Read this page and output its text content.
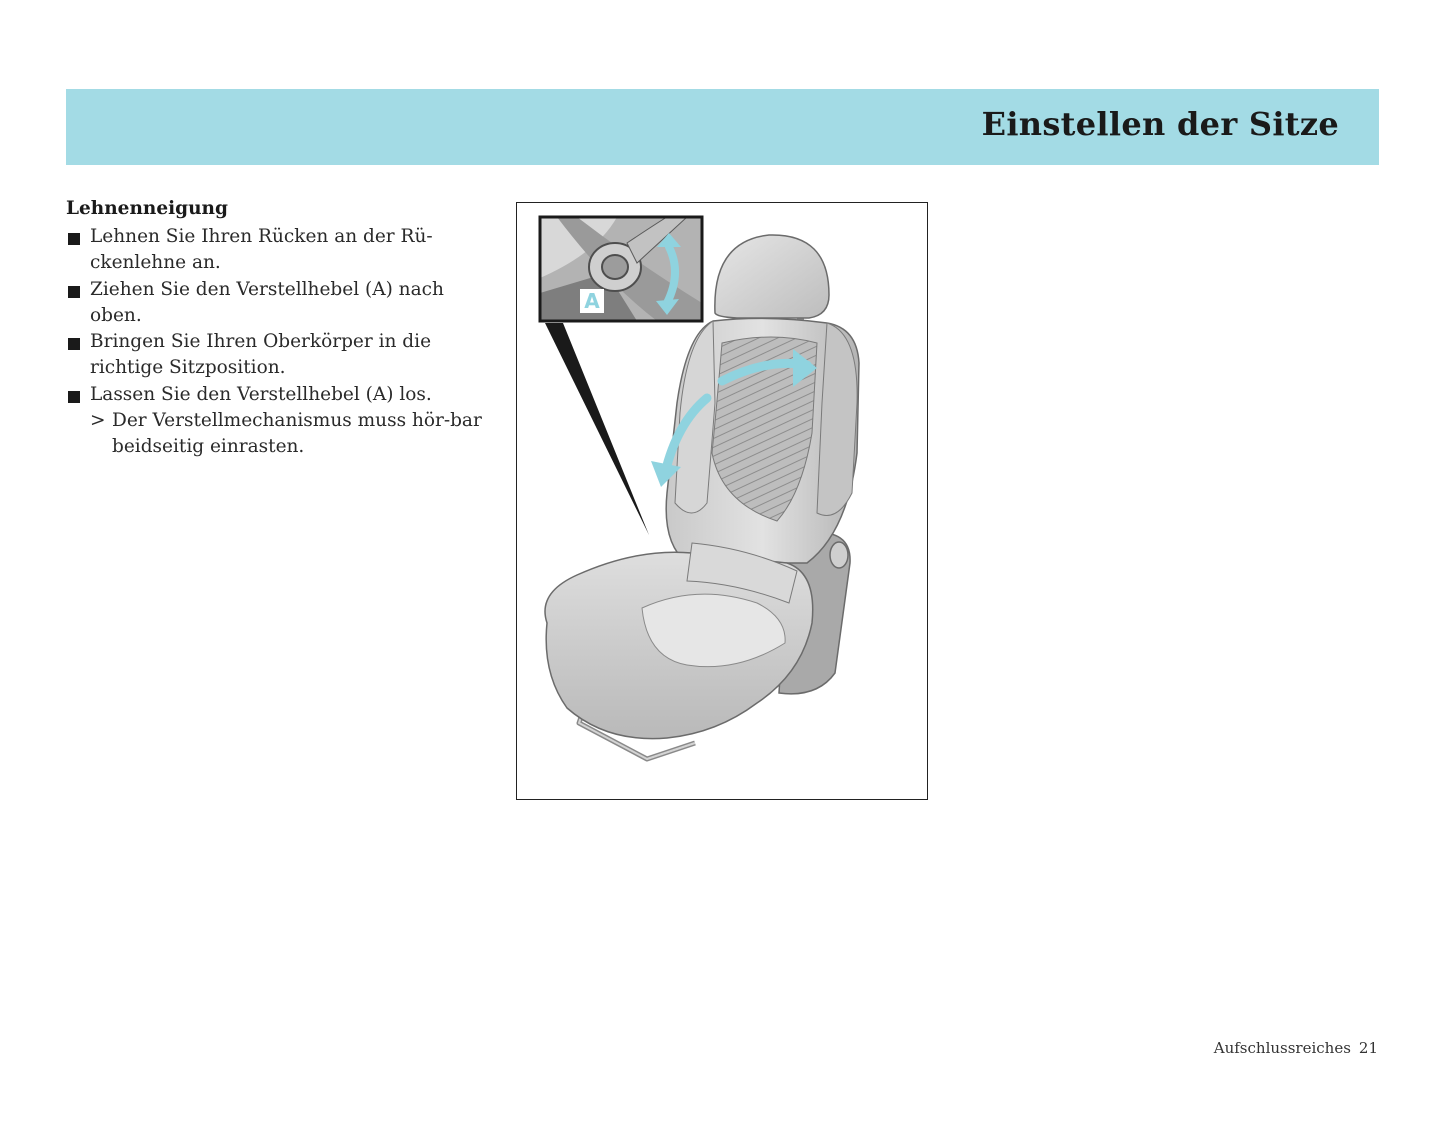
Einstellen der Sitze
Lehnenneigung
Lehnen Sie Ihren Rücken an der Rü-ckenlehne an.
Ziehen Sie den Verstellhebel (A) nach oben.
Bringen Sie Ihren Oberkörper in die richtige Sitzposition.
Lassen Sie den Verstellhebel (A) los.
> Der Verstellmechanismus muss hör-bar beidseitig einrasten.
A
Aufschlussreiches 21
